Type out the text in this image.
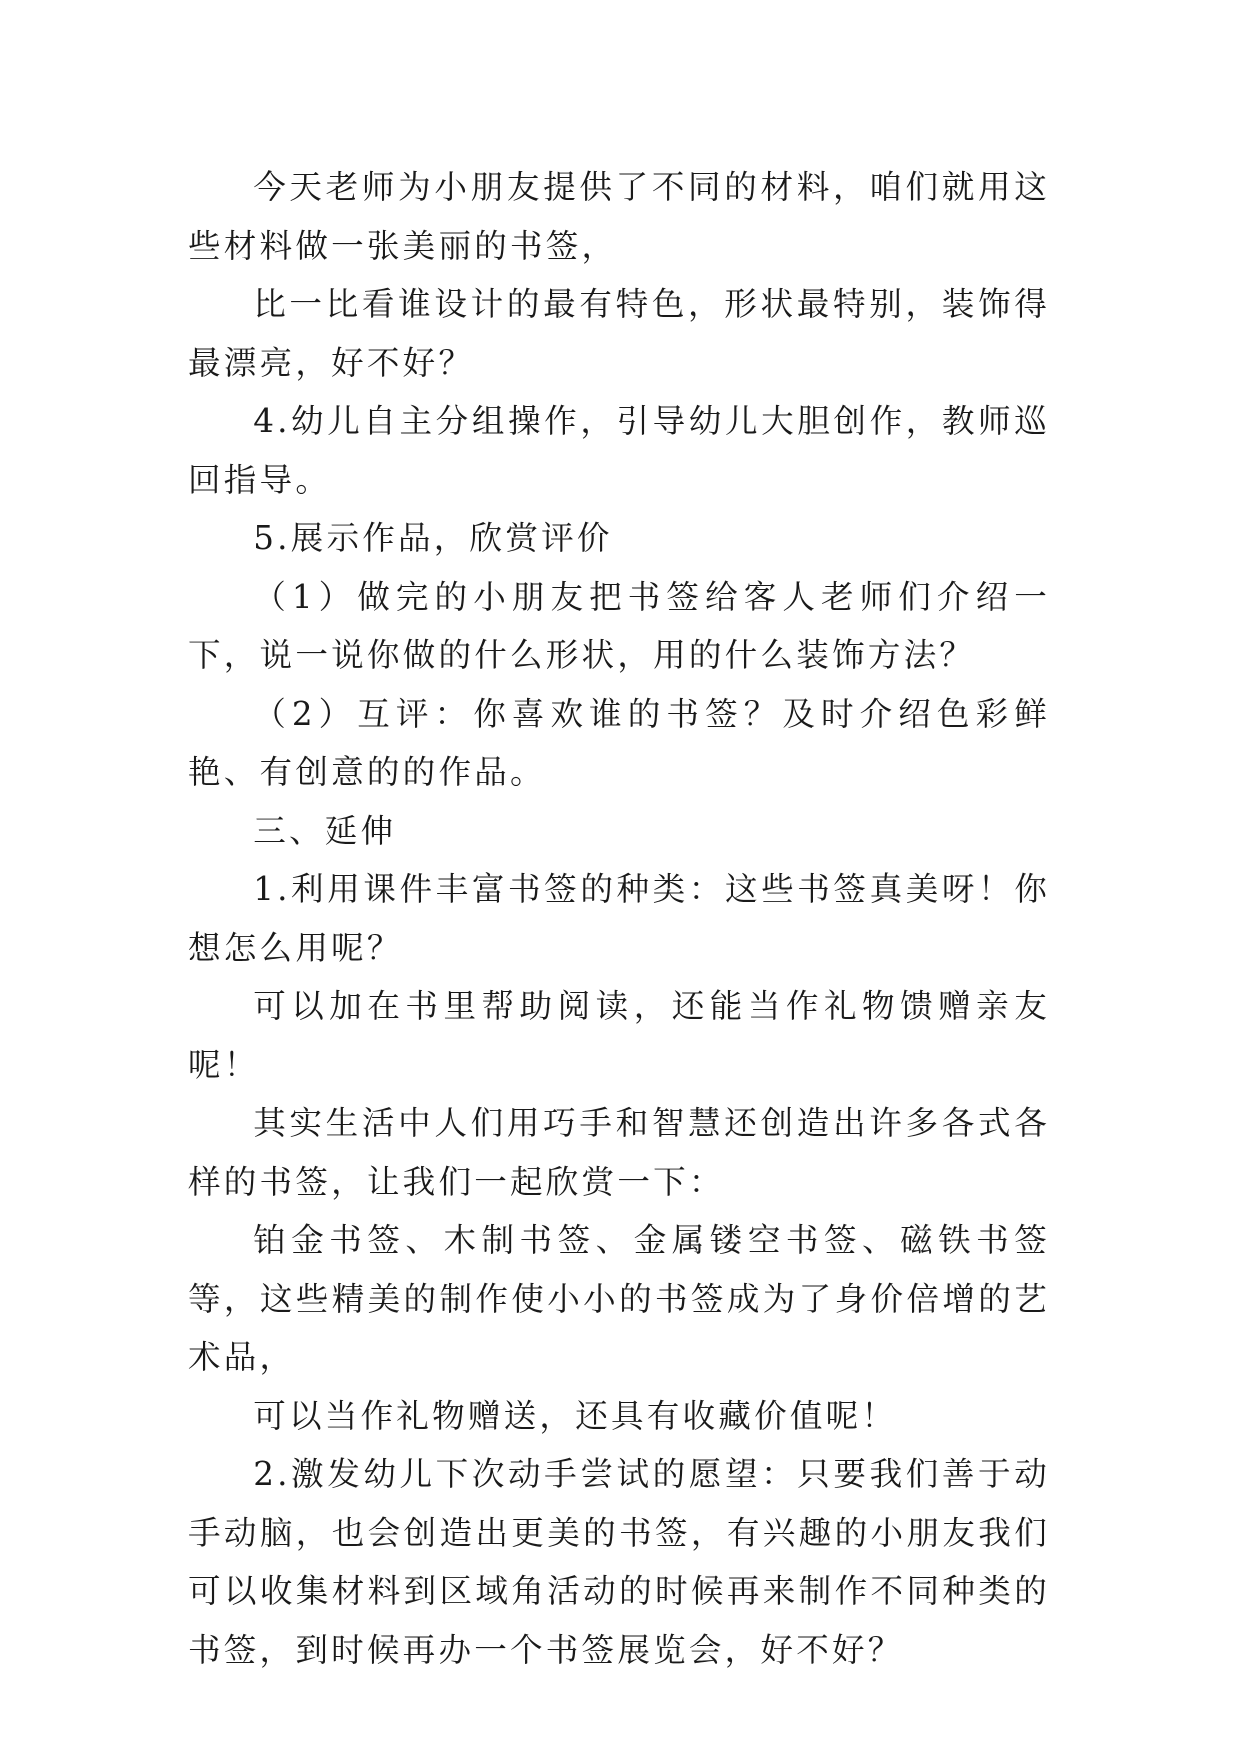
今天老师为小朋友提供了不同的材料，咱们就用这些材料做一张美丽的书签，

比一比看谁设计的最有特色，形状最特别，装饰得最漂亮，好不好？

4.幼儿自主分组操作，引导幼儿大胆创作，教师巡回指导。

5.展示作品，欣赏评价

（1）做完的小朋友把书签给客人老师们介绍一下，说一说你做的什么形状，用的什么装饰方法？

（2）互评：你喜欢谁的书签？及时介绍色彩鲜艳、有创意的的作品。

三、延伸

1.利用课件丰富书签的种类：这些书签真美呀！你想怎么用呢？

可以加在书里帮助阅读，还能当作礼物馈赠亲友呢！

其实生活中人们用巧手和智慧还创造出许多各式各样的书签，让我们一起欣赏一下：

铂金书签、木制书签、金属镂空书签、磁铁书签等，这些精美的制作使小小的书签成为了身价倍增的艺术品，

可以当作礼物赠送，还具有收藏价值呢！

2.激发幼儿下次动手尝试的愿望：只要我们善于动手动脑，也会创造出更美的书签，有兴趣的小朋友我们可以收集材料到区域角活动的时候再来制作不同种类的书签，到时候再办一个书签展览会，好不好？
